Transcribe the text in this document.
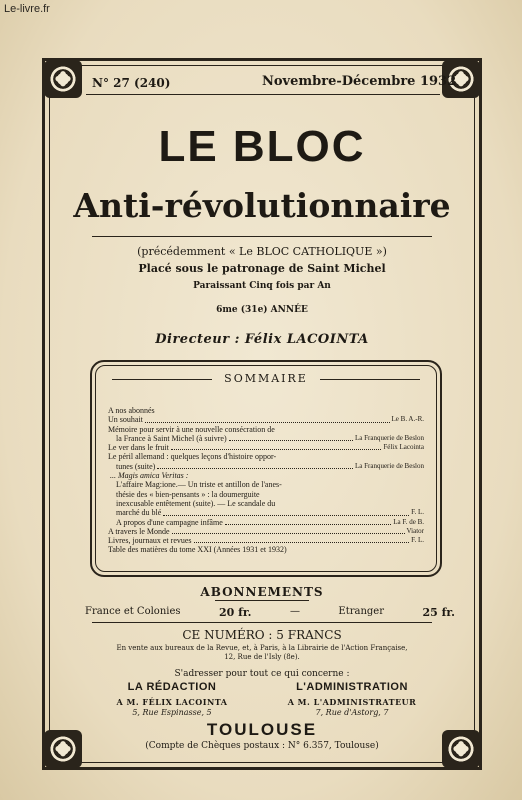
Le-livre.fr
✤
✤
✤
✤
N° 27 (240)	Novembre-Décembre 1932
LE BLOC
Anti-révolutionnaire
(précédemment « Le BLOC CATHOLIQUE »)
Placé sous le patronage de Saint Michel
Paraissant Cinq fois par An
6me (31e) ANNÉE
Directeur : Félix LACOINTA
SOMMAIRE
A nos abonnés
Un souhait	Le B. A.-R.
Mémoire pour servir à une nouvelle consécration de
la France à Saint Michel (à suivre)	La Franquerie de Beslon
Le ver dans le fruit	Félix Lacointa
Le péril allemand : quelques leçons d'histoire oppor-
tunes (suite)	La Franquerie de Beslon
... Magis amica Veritas :
L'affaire Mag:ione.— Un triste et antillon de l'anes-
thésie des « bien-pensants » : la doumerguite
inexcusable entêtement (suite). — Le scandale du
marché du blé	F. L.
A propos d'une campagne infâme	La F. de B.
A travers le Monde	Viator
Livres, journaux et revues	F. L.
Table des matières du tome XXI (Années 1931 et 1932)
ABONNEMENTS
France et Colonies	20 fr.	—	Etranger	25 fr.
CE NUMÉRO : 5 FRANCS
En vente aux bureaux de la Revue, et, à Paris, à la Librairie de l'Action Française,
12, Rue de l'Isly (8e).
S'adresser pour tout ce qui concerne :
LA RÉDACTION	L'ADMINISTRATION
A M. FÉLIX LACOINTA	A M. L'ADMINISTRATEUR
5, Rue Espinasse, 5	7, Rue d'Astorg, 7
TOULOUSE
(Compte de Chèques postaux : N° 6.357, Toulouse)
